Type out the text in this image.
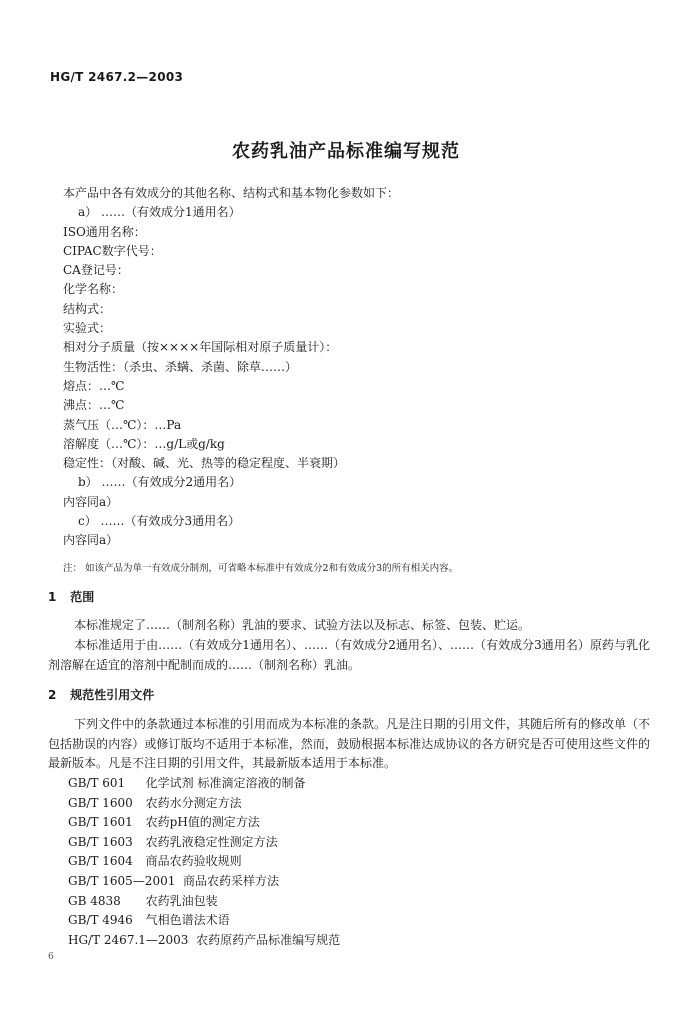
HG/T 2467.2—2003
农药乳油产品标准编写规范
本产品中各有效成分的其他名称、结构式和基本物化参数如下：
a） ……（有效成分1通用名）
ISO通用名称：
CIPAC数字代号：
CA登记号：
化学名称：
结构式：
实验式：
相对分子质量（按××××年国际相对原子质量计）：
生物活性：（杀虫、杀螨、杀菌、除草……）
熔点：…℃
沸点：…℃
蒸气压（…℃）：…Pa
溶解度（…℃）：…g/L或g/kg
稳定性：（对酸、碱、光、热等的稳定程度、半衰期）
b） ……（有效成分2通用名）
内容同a）
c） ……（有效成分3通用名）
内容同a）
注： 如该产品为单一有效成分制剂，可省略本标准中有效成分2和有效成分3的所有相关内容。
1 范围
本标准规定了……（制剂名称）乳油的要求、试验方法以及标志、标签、包装、贮运。
本标准适用于由……（有效成分1通用名）、……（有效成分2通用名）、……（有效成分3通用名）原药与乳化剂溶解在适宜的溶剂中配制而成的……（制剂名称）乳油。
2 规范性引用文件
下列文件中的条款通过本标准的引用而成为本标准的条款。凡是注日期的引用文件，其随后所有的修改单（不包括勘误的内容）或修订版均不适用于本标准，然而，鼓励根据本标准达成协议的各方研究是否可使用这些文件的最新版本。凡是不注日期的引用文件，其最新版本适用于本标准。
GB/T 601 化学试剂 标准滴定溶液的制备
GB/T 1600 农药水分测定方法
GB/T 1601 农药pH值的测定方法
GB/T 1603 农药乳液稳定性测定方法
GB/T 1604 商品农药验收规则
GB/T 1605—2001 商品农药采样方法
GB 4838 农药乳油包装
GB/T 4946 气相色谱法术语
HG/T 2467.1—2003 农药原药产品标准编写规范
6
